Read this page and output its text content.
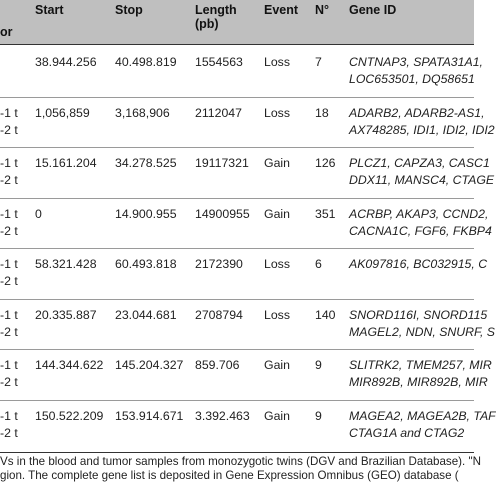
or
Start	Stop	Length
(pb)
Event N° Gene ID
38.944.256 40.498.819 1554563 Loss 7 CNTNAP3, SPATA31A1,
LOC653501, DQ58651
-1 t
-2 t
1,056,859 3,168,906 2112047 Loss 18 ADARB2, ADARB2-AS1,
AX748285, IDI1, IDI2, IDI2
-1 t
-2 t
15.161.204 34.278.525 19117321 Gain 126 PLCZ1, CAPZA3, CASC1
DDX11, MANSC4, CTAGE
-1 t
-2 t
0	14.900.955 14900955 Gain 351 ACRBP, AKAP3, CCND2,
CACNA1C, FGF6, FKBP4
-1 t
-2 t
58.321.428 60.493.818 2172390 Loss 6 AK097816, BC032915, C
-1 t
-2 t
20.335.887 23.044.681 2708794 Loss 140 SNORD116I, SNORD115
MAGEL2, NDN, SNURF, S
-1 t
-2 t
144.344.622 145.204.327 859.706 Gain 9 SLITRK2, TMEM257, MIR
MIR892B, MIR892B, MIR
-1 t
-2 t
150.522.209 153.914.671 3.392.463 Gain 9 MAGEA2, MAGEA2B, TAF
CTAG1A and CTAG2
Vs in the blood and tumor samples from monozygotic twins (DGV and Brazilian Database). "N
gion. The complete gene list is deposited in Gene Expression Omnibus (GEO) database (
